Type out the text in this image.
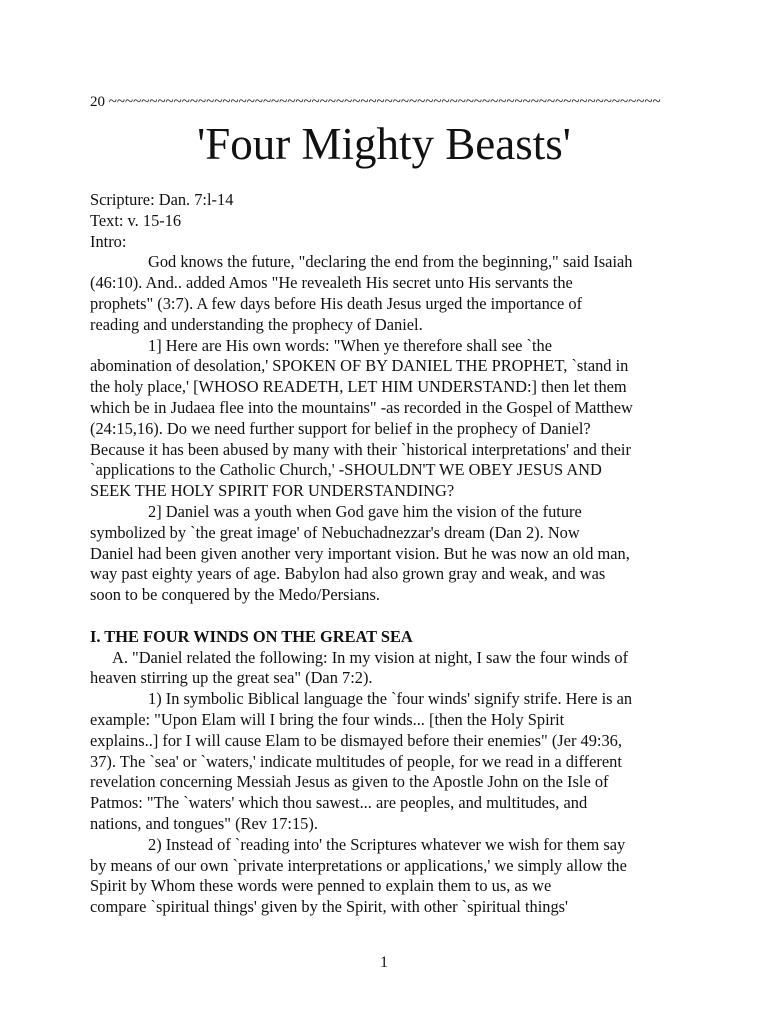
20 ~~~~~~~~~~~~~~~~~~~~~~~~~~~~~~~~~~~~~~~~~~~~~~~~~~~~~~~~~~~~~~~~~~~~
'Four Mighty Beasts'
Scripture: Dan. 7:l-14
Text: v. 15-16
Intro:
God knows the future, "declaring the end from the beginning," said Isaiah
(46:10). And.. added Amos "He revealeth His secret unto His servants the
prophets" (3:7). A few days before His death Jesus urged the importance of
reading and understanding the prophecy of Daniel.
1] Here are His own words: "When ye therefore shall see `the
abomination of desolation,' SPOKEN OF BY DANIEL THE PROPHET, `stand in
the holy place,' [WHOSO READETH, LET HIM UNDERSTAND:] then let them
which be in Judaea flee into the mountains" -as recorded in the Gospel of Matthew
(24:15,16). Do we need further support for belief in the prophecy of Daniel?
Because it has been abused by many with their `historical interpretations' and their
`applications to the Catholic Church,' -SHOULDN'T WE OBEY JESUS AND
SEEK THE HOLY SPIRIT FOR UNDERSTANDING?
2] Daniel was a youth when God gave him the vision of the future
symbolized by `the great image' of Nebuchadnezzar's dream (Dan 2). Now
Daniel had been given another very important vision. But he was now an old man,
way past eighty years of age. Babylon had also grown gray and weak, and was
soon to be conquered by the Medo/Persians.
I. THE FOUR WINDS ON THE GREAT SEA
A. "Daniel related the following: In my vision at night, I saw the four winds of
heaven stirring up the great sea" (Dan 7:2).
1) In symbolic Biblical language the `four winds' signify strife. Here is an
example: "Upon Elam will I bring the four winds... [then the Holy Spirit
explains..] for I will cause Elam to be dismayed before their enemies" (Jer 49:36,
37). The `sea' or `waters,' indicate multitudes of people, for we read in a different
revelation concerning Messiah Jesus as given to the Apostle John on the Isle of
Patmos: "The `waters' which thou sawest... are peoples, and multitudes, and
nations, and tongues" (Rev 17:15).
2) Instead of `reading into' the Scriptures whatever we wish for them say
by means of our own `private interpretations or applications,' we simply allow the
Spirit by Whom these words were penned to explain them to us, as we
compare `spiritual things' given by the Spirit, with other `spiritual things'
1
